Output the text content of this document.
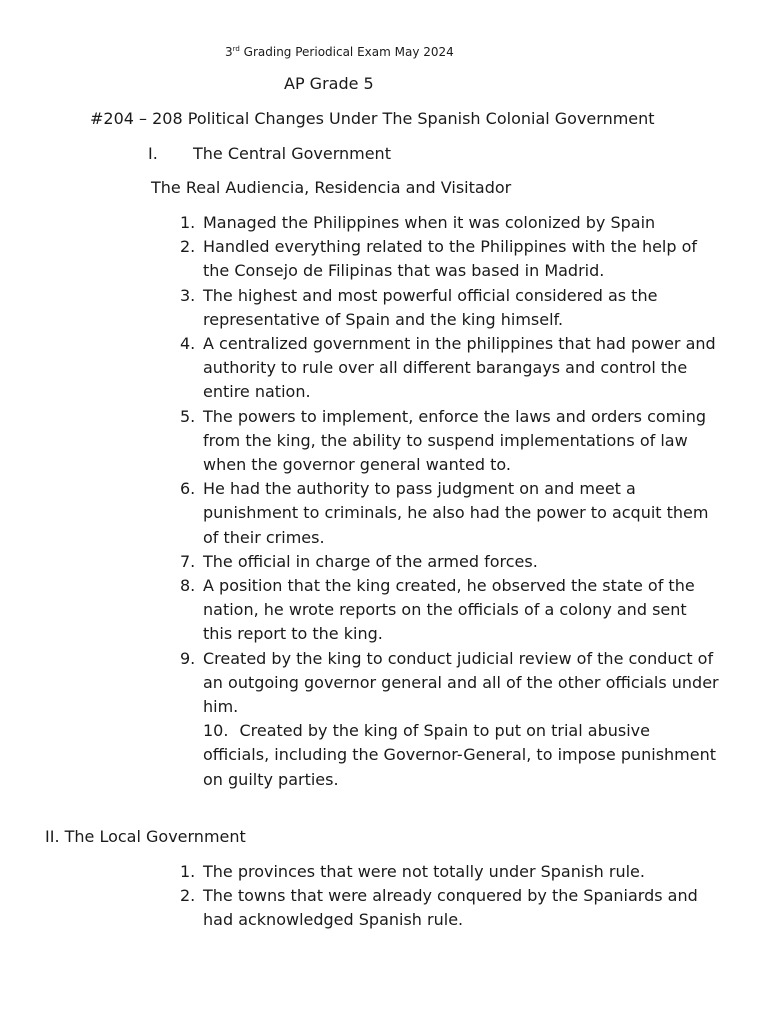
3rd Grading Periodical Exam May 2024
AP Grade 5
#204 – 208 Political Changes Under The Spanish Colonial Government
I. The Central Government
The Real Audiencia, Residencia and Visitador
1. Managed the Philippines when it was colonized by Spain
2. Handled everything related to the Philippines with the help of the Consejo de Filipinas that was based in Madrid.
3. The highest and most powerful official considered as the representative of Spain and the king himself.
4. A centralized government in the philippines that had power and authority to rule over all different barangays and control the entire nation.
5. The powers to implement, enforce the laws and orders coming from the king, the ability to suspend implementations of law when the governor general wanted to.
6. He had the authority to pass judgment on and meet a punishment to criminals, he also had the power to acquit them of their crimes.
7. The official in charge of the armed forces.
8. A position that the king created, he observed the state of the nation, he wrote reports on the officials of a colony and sent this report to the king.
9. Created by the king to conduct judicial review of the conduct of an outgoing governor general and all of the other officials under him.
10. Created by the king of Spain to put on trial abusive officials, including the Governor-General, to impose punishment on guilty parties.
II. The Local Government
1. The provinces that were not totally under Spanish rule.
2. The towns that were already conquered by the Spaniards and had acknowledged Spanish rule.
